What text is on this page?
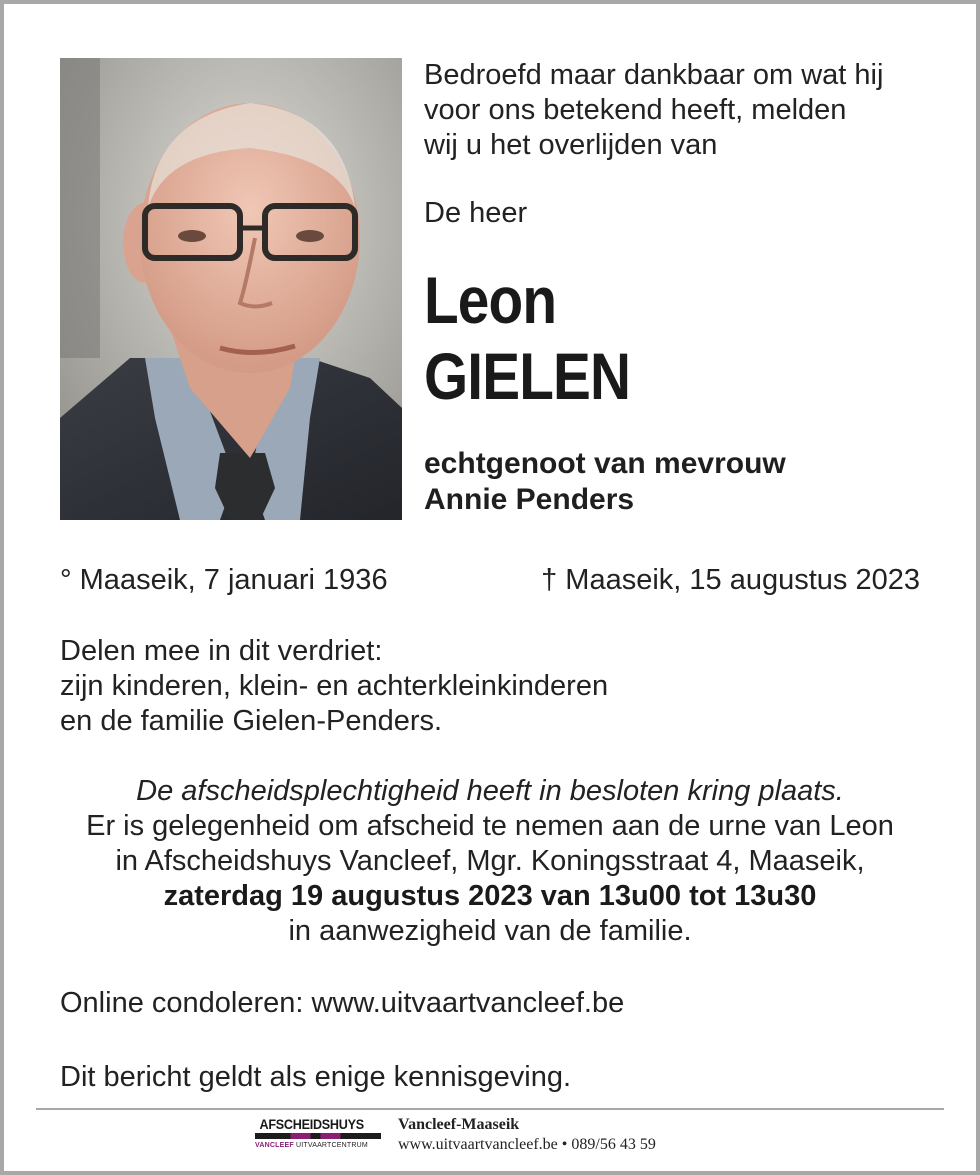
Bedroefd maar dankbaar om wat hij
voor ons betekend heeft, melden
wij u het overlijden van
De heer
Leon
GIELEN
echtgenoot van mevrouw
Annie Penders
° Maaseik, 7 januari 1936	† Maaseik, 15 augustus 2023
Delen mee in dit verdriet:
zijn kinderen, klein- en achterkleinkinderen
en de familie Gielen-Penders.
De afscheidsplechtigheid heeft in besloten kring plaats.
Er is gelegenheid om afscheid te nemen aan de urne van Leon
in Afscheidshuys Vancleef, Mgr. Koningsstraat 4, Maaseik,
zaterdag 19 augustus 2023 van 13u00 tot 13u30
in aanwezigheid van de familie.
Online condoleren: www.uitvaartvancleef.be
Dit bericht geldt als enige kennisgeving.
AFSCHEIDSHUYS
VANCLEEF UITVAARTCENTRUM
Vancleef-Maaseik
www.uitvaartvancleef.be • 089/56 43 59
